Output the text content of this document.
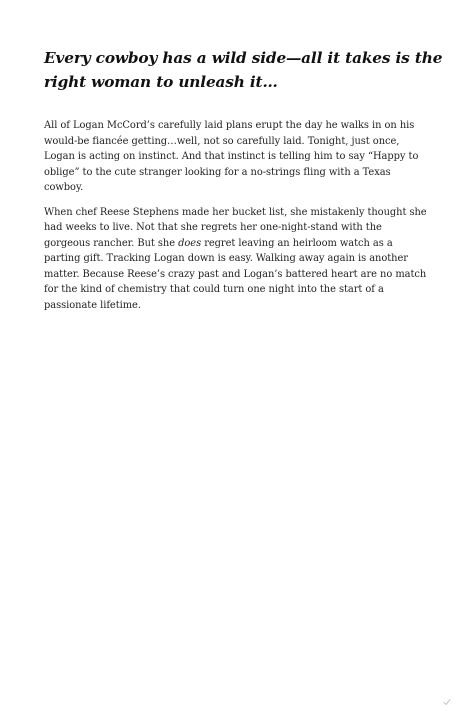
Every cowboy has a wild side—all it takes is the
right woman to unleash it…

All of Logan McCord’s carefully laid plans erupt the day he walks in on his
would-be fiancée getting…well, not so carefully laid. Tonight, just once,
Logan is acting on instinct. And that instinct is telling him to say “Happy to
oblige” to the cute stranger looking for a no-strings fling with a Texas
cowboy.

When chef Reese Stephens made her bucket list, she mistakenly thought she
had weeks to live. Not that she regrets her one-night-stand with the
gorgeous rancher. But she does regret leaving an heirloom watch as a
parting gift. Tracking Logan down is easy. Walking away again is another
matter. Because Reese’s crazy past and Logan’s battered heart are no match
for the kind of chemistry that could turn one night into the start of a
passionate lifetime.
